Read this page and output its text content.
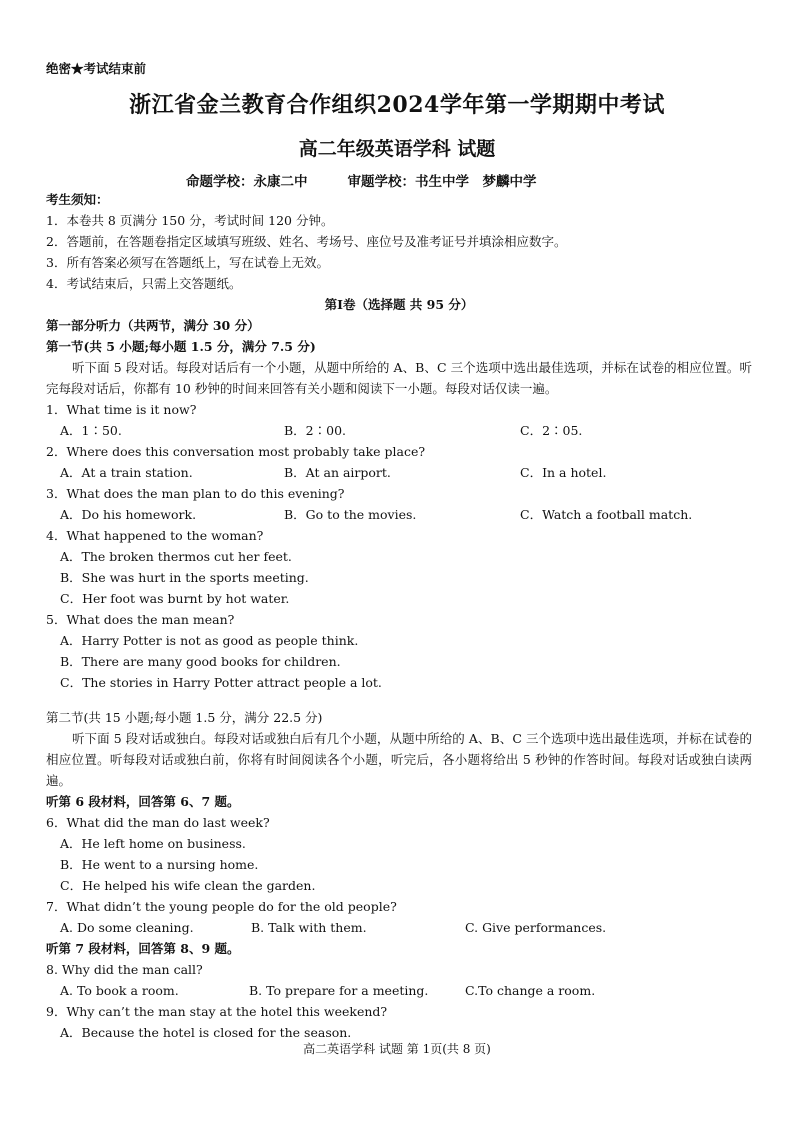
绝密★考试结束前
浙江省金兰教育合作组织2024学年第一学期期中考试
高二年级英语学科 试题
命题学校：永康二中	审题学校：书生中学　梦麟中学
考生须知：
1．本卷共 8 页满分 150 分，考试时间 120 分钟。
2．答题前，在答题卷指定区域填写班级、姓名、考场号、座位号及准考证号并填涂相应数字。
3．所有答案必须写在答题纸上，写在试卷上无效。
4．考试结束后，只需上交答题纸。
第Ⅰ卷（选择题 共 95 分）
第一部分听力（共两节，满分 30 分）
第一节(共 5 小题;每小题 1.5 分，满分 7.5 分)
听下面 5 段对话。每段对话后有一个小题，从题中所给的 A、B、C 三个选项中选出最佳选项，并标在试卷的相应位置。听完每段对话后，你都有 10 秒钟的时间来回答有关小题和阅读下一小题。每段对话仅读一遍。
1．What time is it now?
A．1∶50.	B．2∶00.	C．2∶05.
2．Where does this conversation most probably take place?
A．At a train station.	B．At an airport.	C．In a hotel.
3．What does the man plan to do this evening?
A．Do his homework.	B．Go to the movies.	C．Watch a football match.
4．What happened to the woman?
A．The broken thermos cut her feet.
B．She was hurt in the sports meeting.
C．Her foot was burnt by hot water.
5．What does the man mean?
A．Harry Potter is not as good as people think.
B．There are many good books for children.
C．The stories in Harry Potter attract people a lot.
第二节(共 15 小题;每小题 1.5 分，满分 22.5 分)
听下面 5 段对话或独白。每段对话或独白后有几个小题，从题中所给的 A、B、C 三个选项中选出最佳选项，并标在试卷的相应位置。听每段对话或独白前，你将有时间阅读各个小题，听完后，各小题将给出 5 秒钟的作答时间。每段对话或独白读两遍。
听第 6 段材料，回答第 6、7 题。
6．What did the man do last week?
A．He left home on business.
B．He went to a nursing home.
C．He helped his wife clean the garden.
7．What didn’t the young people do for the old people?
A. Do some cleaning.	B. Talk with them.	C. Give performances.
听第 7 段材料，回答第 8、9 题。
8. Why did the man call?
A. To book a room.	B. To prepare for a meeting.	C.To change a room.
9．Why can’t the man stay at the hotel this weekend?
A．Because the hotel is closed for the season.
高二英语学科 试题 第 1页(共 8 页)
